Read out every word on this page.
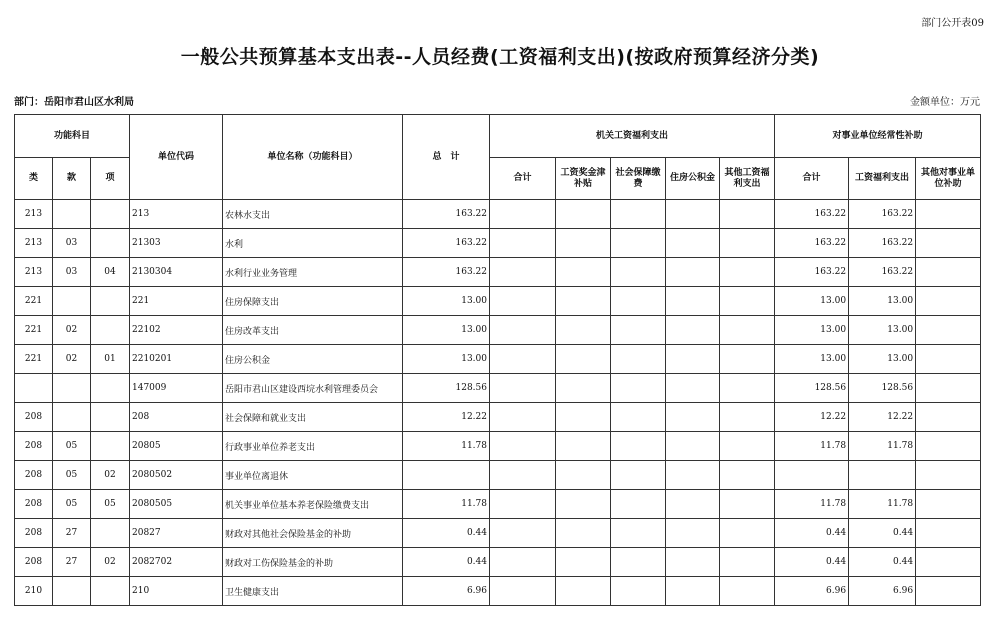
部门公开表09
一般公共预算基本支出表--人员经费(工资福利支出)(按政府预算经济分类)
部门：岳阳市君山区水利局	金额单位：万元
功能科目			单位代码	单位名称（功能科目）	总　计	机关工资福利支出					对事业单位经常性补助		
类	款	项				合计	工资奖金津补贴	社会保障缴费	住房公积金	其他工资福利支出	合计	工资福利支出	其他对事业单位补助
213			213	农林水支出	163.22						163.22	163.22	
213	03		21303	水利	163.22						163.22	163.22	
213	03	04	2130304	水利行业业务管理	163.22						163.22	163.22	
221			221	住房保障支出	13.00						13.00	13.00	
221	02		22102	住房改革支出	13.00						13.00	13.00	
221	02	01	2210201	住房公积金	13.00						13.00	13.00	
			147009	岳阳市君山区建设西垸水利管理委员会	128.56						128.56	128.56	
208			208	社会保障和就业支出	12.22						12.22	12.22	
208	05		20805	行政事业单位养老支出	11.78						11.78	11.78	
208	05	02	2080502	事业单位离退休									
208	05	05	2080505	机关事业单位基本养老保险缴费支出	11.78						11.78	11.78	
208	27		20827	财政对其他社会保险基金的补助	0.44						0.44	0.44	
208	27	02	2082702	财政对工伤保险基金的补助	0.44						0.44	0.44	
210			210	卫生健康支出	6.96						6.96	6.96	
